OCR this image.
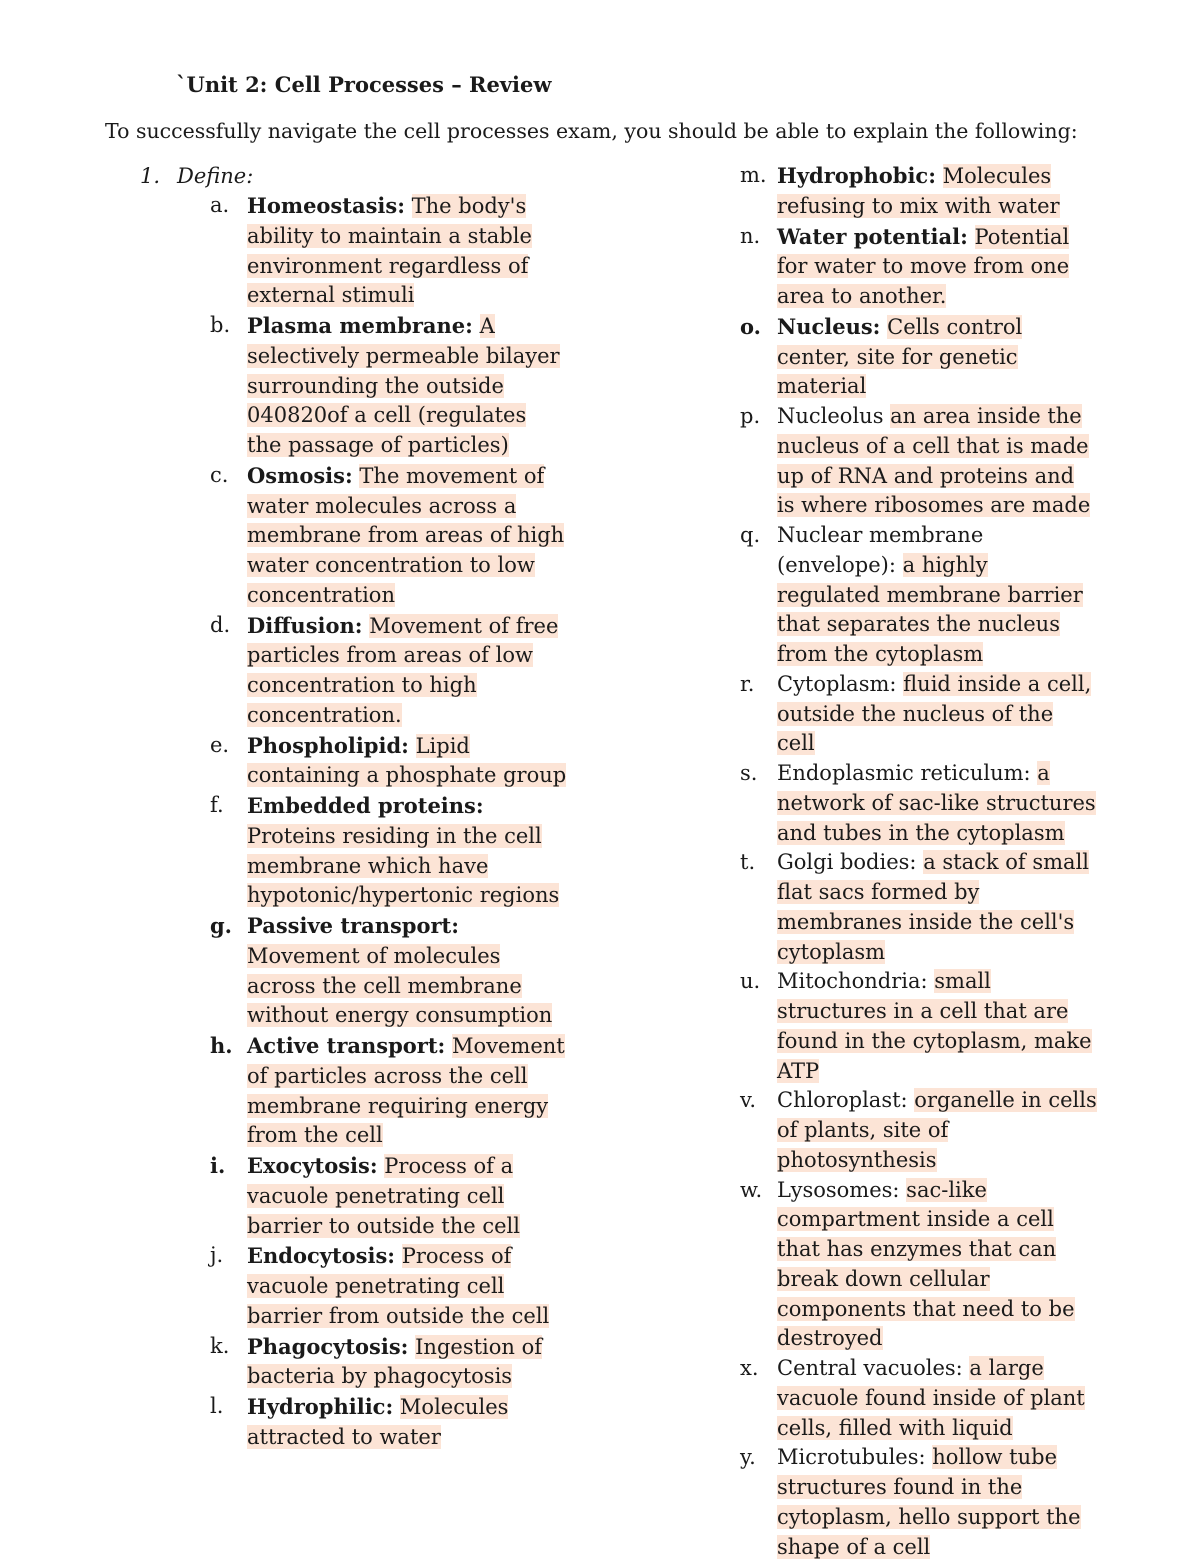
`Unit 2: Cell Processes – Review
To successfully navigate the cell processes exam, you should be able to explain the following:
1. Define:
a. Homeostasis: The body's ability to maintain a stable environment regardless of external stimuli
b. Plasma membrane: A selectively permeable bilayer surrounding the outside 040820of a cell (regulates the passage of particles)
c. Osmosis: The movement of water molecules across a membrane from areas of high water concentration to low concentration
d. Diffusion: Movement of free particles from areas of low concentration to high concentration.
e. Phospholipid: Lipid containing a phosphate group
f. Embedded proteins: Proteins residing in the cell membrane which have hypotonic/hypertonic regions
g. Passive transport: Movement of molecules across the cell membrane without energy consumption
h. Active transport: Movement of particles across the cell membrane requiring energy from the cell
i. Exocytosis: Process of a vacuole penetrating cell barrier to outside the cell
j. Endocytosis: Process of vacuole penetrating cell barrier from outside the cell
k. Phagocytosis: Ingestion of bacteria by phagocytosis
l. Hydrophilic: Molecules attracted to water
m. Hydrophobic: Molecules refusing to mix with water
n. Water potential: Potential for water to move from one area to another.
o. Nucleus: Cells control center, site for genetic material
p. Nucleolus an area inside the nucleus of a cell that is made up of RNA and proteins and is where ribosomes are made
q. Nuclear membrane (envelope): a highly regulated membrane barrier that separates the nucleus from the cytoplasm
r. Cytoplasm: fluid inside a cell, outside the nucleus of the cell
s. Endoplasmic reticulum: a network of sac-like structures and tubes in the cytoplasm
t. Golgi bodies: a stack of small flat sacs formed by membranes inside the cell's cytoplasm
u. Mitochondria: small structures in a cell that are found in the cytoplasm, make ATP
v. Chloroplast: organelle in cells of plants, site of photosynthesis
w. Lysosomes: sac-like compartment inside a cell that has enzymes that can break down cellular components that need to be destroyed
x. Central vacuoles: a large vacuole found inside of plant cells, filled with liquid
y. Microtubules: hollow tube structures found in the cytoplasm, hello support the shape of a cell
